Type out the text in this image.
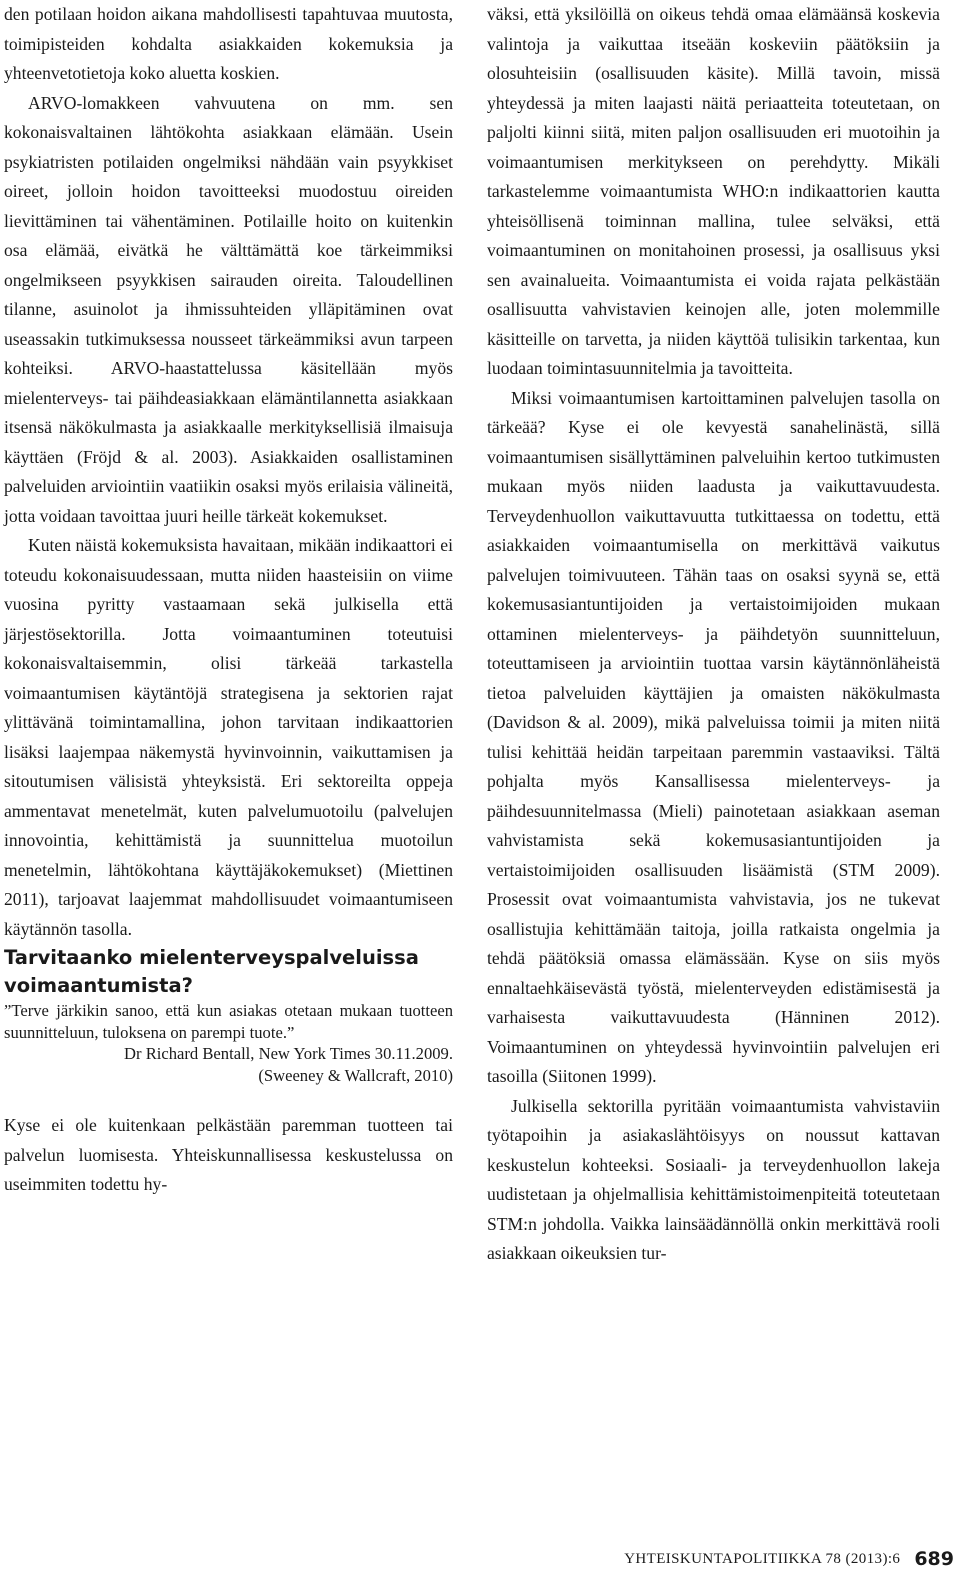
den potilaan hoidon aikana mahdollisesti tapahtuvaa muutosta, toimipisteiden kohdalta asiakkaiden kokemuksia ja yhteenvetotietoja koko aluetta koskien.

ARVO-lomakkeen vahvuutena on mm. sen kokonaisvaltainen lähtökohta asiakkaan elämään. Usein psykiatristen potilaiden ongelmiksi nähdään vain psyykkiset oireet, jolloin hoidon tavoitteeksi muodostuu oireiden lievittäminen tai vähentäminen. Potilaille hoito on kuitenkin osa elämää, eivätkä he välttämättä koe tärkeimmiksi ongelmikseen psyykkisen sairauden oireita. Taloudellinen tilanne, asuinolot ja ihmissuhteiden ylläpitäminen ovat useassakin tutkimuksessa nousseet tärkeämmiksi avun tarpeen kohteiksi. ARVO-haastattelussa käsitellään myös mielenterveys- tai päihdeasiakkaan elämäntilannetta asiakkaan itsensä näkökulmasta ja asiakkaalle merkityksellisiä ilmaisuja käyttäen (Fröjd & al. 2003). Asiakkaiden osallistaminen palveluiden arviointiin vaatiikin osaksi myös erilaisia välineitä, jotta voidaan tavoittaa juuri heille tärkeät kokemukset.

Kuten näistä kokemuksista havaitaan, mikään indikaattori ei toteudu kokonaisuudessaan, mutta niiden haasteisiin on viime vuosina pyritty vastaamaan sekä julkisella että järjestösektorilla. Jotta voimaantuminen toteutuisi kokonaisvaltaisemmin, olisi tärkeää tarkastella voimaantumisen käytäntöjä strategisena ja sektorien rajat ylittävänä toimintamallina, johon tarvitaan indikaattorien lisäksi laajempaa näkemystä hyvinvoinnin, vaikuttamisen ja sitoutumisen välisistä yhteyksistä. Eri sektoreilta oppeja ammentavat menetelmät, kuten palvelumuotoilu (palvelujen innovointia, kehittämistä ja suunnittelua muotoilun menetelmin, lähtökohtana käyttäjäkokemukset) (Miettinen 2011), tarjoavat laajemmat mahdollisuudet voimaantumiseen käytännön tasolla.

Tarvitaanko mielenterveyspalveluissa voimaantumista?

”Terve järkikin sanoo, että kun asiakas otetaan mukaan tuotteen suunnitteluun, tuloksena on parempi tuote.”

Dr Richard Bentall, New York Times 30.11.2009.

(Sweeney & Wallcraft, 2010)

Kyse ei ole kuitenkaan pelkästään paremman tuotteen tai palvelun luomisesta. Yhteiskunnallisessa keskustelussa on useimmiten todettu hy-

väksi, että yksilöillä on oikeus tehdä omaa elämäänsä koskevia valintoja ja vaikuttaa itseään koskeviin päätöksiin ja olosuhteisiin (osallisuuden käsite). Millä tavoin, missä yhteydessä ja miten laajasti näitä periaatteita toteutetaan, on paljolti kiinni siitä, miten paljon osallisuuden eri muotoihin ja voimaantumisen merkitykseen on perehdytty. Mikäli tarkastelemme voimaantumista WHO:n indikaattorien kautta yhteisöllisenä toiminnan mallina, tulee selväksi, että voimaantuminen on monitahoinen prosessi, ja osallisuus yksi sen avainalueita. Voimaantumista ei voida rajata pelkästään osallisuutta vahvistavien keinojen alle, joten molemmille käsitteille on tarvetta, ja niiden käyttöä tulisikin tarkentaa, kun luodaan toimintasuunnitelmia ja tavoitteita.

Miksi voimaantumisen kartoittaminen palvelujen tasolla on tärkeää? Kyse ei ole kevyestä sanahelinästä, sillä voimaantumisen sisällyttäminen palveluihin kertoo tutkimusten mukaan myös niiden laadusta ja vaikuttavuudesta. Terveydenhuollon vaikuttavuutta tutkittaessa on todettu, että asiakkaiden voimaantumisella on merkittävä vaikutus palvelujen toimivuuteen. Tähän taas on osaksi syynä se, että kokemusasiantuntijoiden ja vertaistoimijoiden mukaan ottaminen mielenterveys- ja päihdetyön suunnitteluun, toteuttamiseen ja arviointiin tuottaa varsin käytännönläheistä tietoa palveluiden käyttäjien ja omaisten näkökulmasta (Davidson & al. 2009), mikä palveluissa toimii ja miten niitä tulisi kehittää heidän tarpeitaan paremmin vastaaviksi. Tältä pohjalta myös Kansallisessa mielenterveys- ja päihdesuunnitelmassa (Mieli) painotetaan asiakkaan aseman vahvistamista sekä kokemusasiantuntijoiden ja vertaistoimijoiden osallisuuden lisäämistä (STM 2009). Prosessit ovat voimaantumista vahvistavia, jos ne tukevat osallistujia kehittämään taitoja, joilla ratkaista ongelmia ja tehdä päätöksiä omassa elämässään. Kyse on siis myös ennaltaehkäisevästä työstä, mielenterveyden edistämisestä ja varhaisesta vaikuttavuudesta (Hänninen 2012). Voimaantuminen on yhteydessä hyvinvointiin palvelujen eri tasoilla (Siitonen 1999).

Julkisella sektorilla pyritään voimaantumista vahvistaviin työtapoihin ja asiakaslähtöisyys on noussut kattavan keskustelun kohteeksi. Sosiaali- ja terveydenhuollon lakeja uudistetaan ja ohjelmallisia kehittämistoimenpiteitä toteutetaan STM:n johdolla. Vaikka lainsäädännöllä onkin merkittävä rooli asiakkaan oikeuksien tur-

YHTEISKUNTAPOLITIIKKA 78 (2013):6 689
